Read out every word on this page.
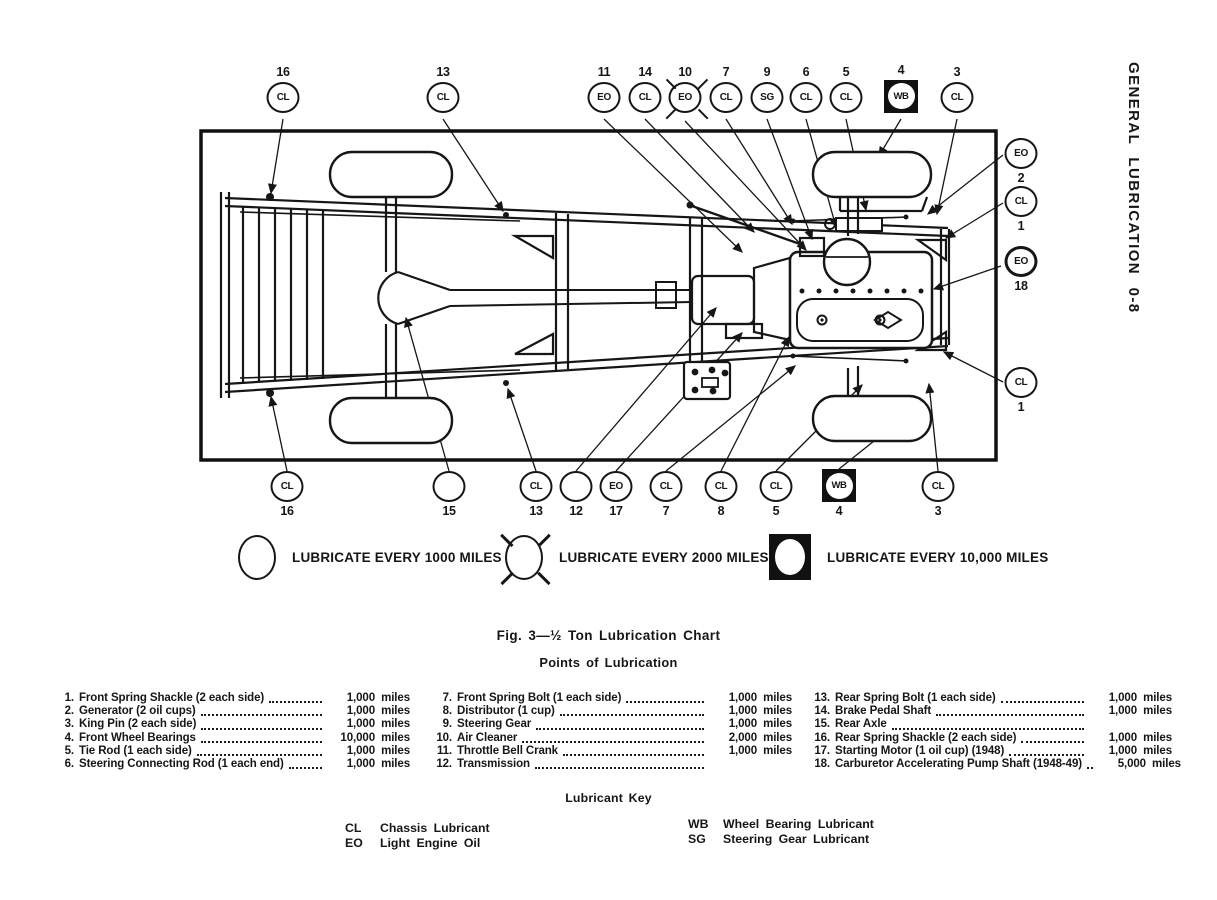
16
CL
13
CL
11
EO
14
CL
10
EO
7
CL
9
SG
6
CL
5
CL
4
WB
3
CL
2
EO
1
CL
18
EO
1
CL
16
CL
15	13
CL
12 17
EO
7
CL
8
CL
5
CL
4
WB
3
CL
LUBRICATE EVERY 1000 MILES	LUBRICATE EVERY 2000 MILES	LUBRICATE EVERY 10,000 MILES
Fig. 3—½ Ton Lubrication Chart
Points of Lubrication
1. Front Spring Shackle (2 each side)	1,000 miles
2. Generator (2 oil cups)	1,000 miles
3. King Pin (2 each side)	1,000 miles
4. Front Wheel Bearings	10,000 miles
5. Tie Rod (1 each side)	1,000 miles
6. Steering Connecting Rod (1 each end)	1,000 miles
7. Front Spring Bolt (1 each side)	1,000 miles
8. Distributor (1 cup)	1,000 miles
9. Steering Gear	1,000 miles
10. Air Cleaner	2,000 miles
11. Throttle Bell Crank	1,000 miles
12. Transmission
13. Rear Spring Bolt (1 each side)	1,000 miles
14. Brake Pedal Shaft	1,000 miles
15. Rear Axle
16. Rear Spring Shackle (2 each side)	1,000 miles
17. Starting Motor (1 oil cup) (1948)	1,000 miles
18. Carburetor Accelerating Pump Shaft (1948-49)	5,000 miles
Lubricant Key
CL	Chassis Lubricant
EO	Light Engine Oil
WB	Wheel Bearing Lubricant
SG	Steering Gear Lubricant
GENERAL LUBRICATION 0-8
